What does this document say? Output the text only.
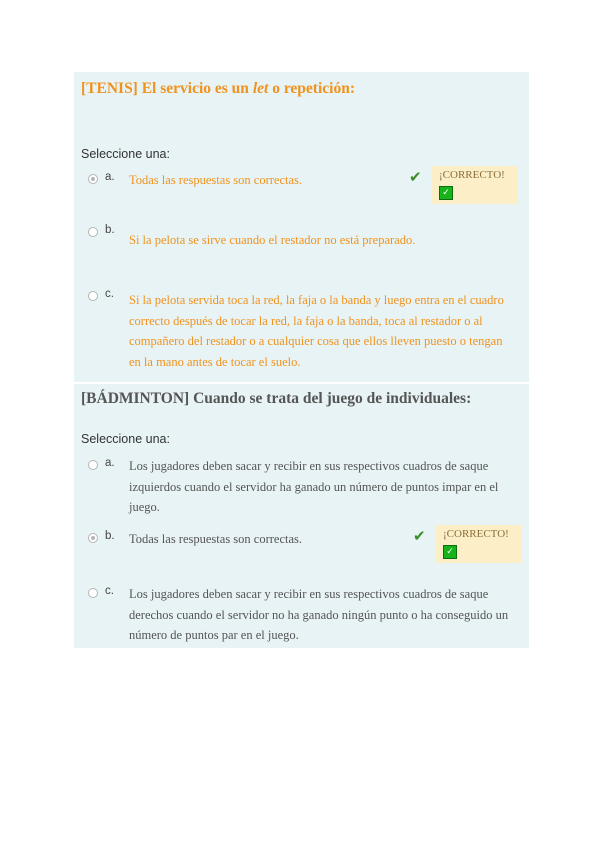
[TENIS] El servicio es un let o repetición:
Seleccione una:
a. Todas las respuestas son correctas.	✔ ¡CORRECTO!
✓
b.
Si la pelota se sirve cuando el restador no está preparado.
c. Si la pelota servida toca la red, la faja o la banda y luego entra en el cuadro correcto después de tocar la red, la faja o la banda, toca al restador o al compañero del restador o a cualquier cosa que ellos lleven puesto o tengan en la mano antes de tocar el suelo.
[BÁDMINTON] Cuando se trata del juego de individuales:
Seleccione una:
a. Los jugadores deben sacar y recibir en sus respectivos cuadros de saque izquierdos cuando el servidor ha ganado un número de puntos impar en el juego.
b. Todas las respuestas son correctas.	✔ ¡CORRECTO!
✓
c. Los jugadores deben sacar y recibir en sus respectivos cuadros de saque derechos cuando el servidor no ha ganado ningún punto o ha conseguido un número de puntos par en el juego.
